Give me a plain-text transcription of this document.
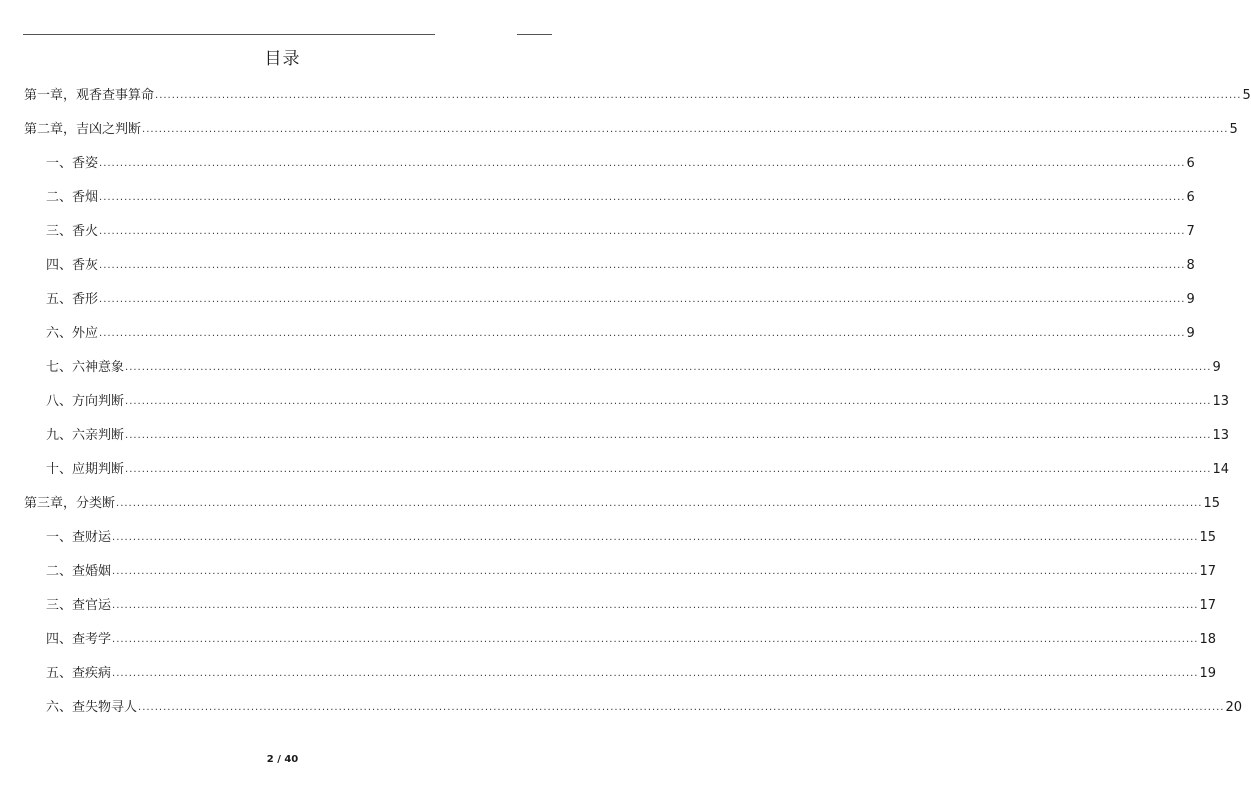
目录
第一章，观香查事算命 .................................................................................................................................................................................................................................................................... 5
第二章，吉凶之判断 .................................................................................................................................................................................................................................................................... 5
一、香姿 .................................................................................................................................................................................................................................................................... 6
二、香烟 .................................................................................................................................................................................................................................................................... 6
三、香火 .................................................................................................................................................................................................................................................................... 7
四、香灰 .................................................................................................................................................................................................................................................................... 8
五、香形 .................................................................................................................................................................................................................................................................... 9
六、外应 .................................................................................................................................................................................................................................................................... 9
七、六神意象 .................................................................................................................................................................................................................................................................... 9
八、方向判断 .................................................................................................................................................................................................................................................................... 13
九、六亲判断 .................................................................................................................................................................................................................................................................... 13
十、应期判断 .................................................................................................................................................................................................................................................................... 14
第三章，分类断 .................................................................................................................................................................................................................................................................... 15
一、查财运 .................................................................................................................................................................................................................................................................... 15
二、查婚姻 .................................................................................................................................................................................................................................................................... 17
三、查官运 .................................................................................................................................................................................................................................................................... 17
四、查考学 .................................................................................................................................................................................................................................................................... 18
五、查疾病 .................................................................................................................................................................................................................................................................... 19
六、查失物寻人 .................................................................................................................................................................................................................................................................... 20
2 / 40
